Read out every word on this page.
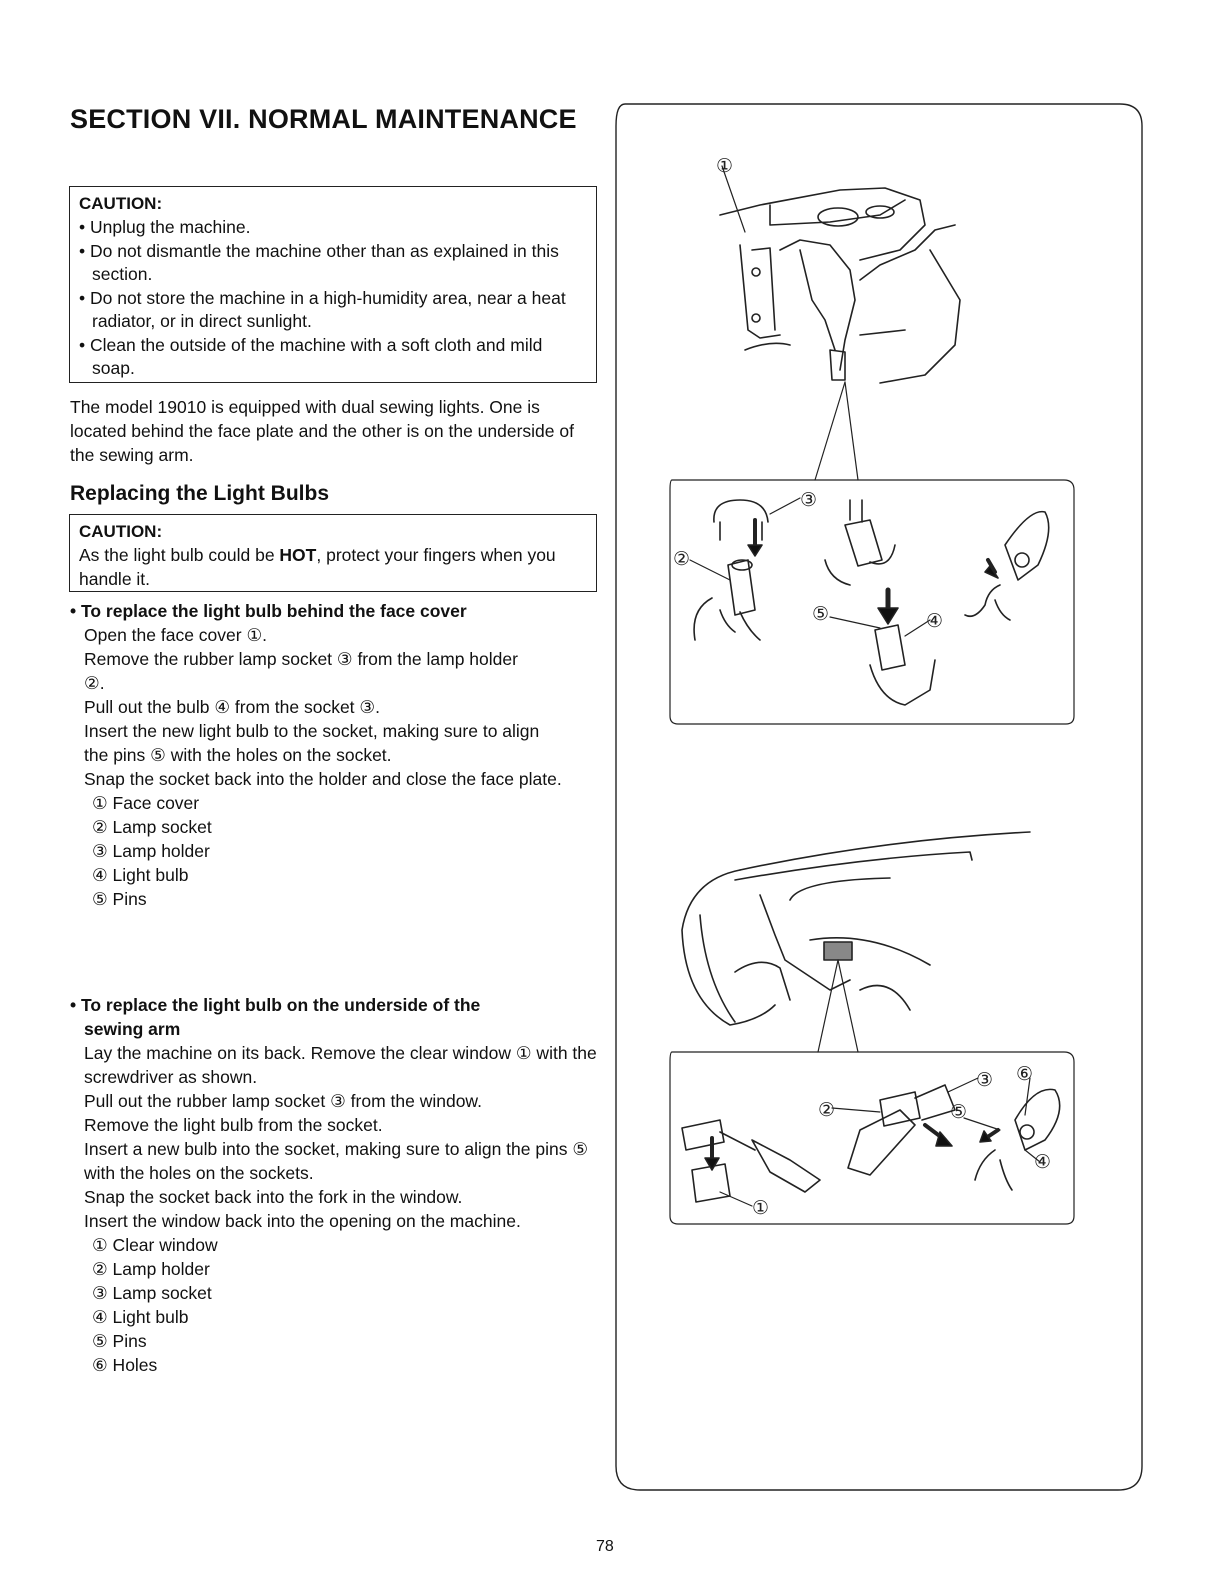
SECTION VII. NORMAL MAINTENANCE
CAUTION:
• Unplug the machine.
• Do not dismantle the machine other than as explained in this section.
• Do not store the machine in a high-humidity area, near a heat radiator, or in direct sunlight.
• Clean the outside of the machine with a soft cloth and mild soap.
The model 19010 is equipped with dual sewing lights. One is located behind the face plate and the other is on the underside of the sewing arm.
Replacing the Light Bulbs
CAUTION:
As the light bulb could be HOT, protect your fingers when you handle it.
• To replace the light bulb behind the face cover
Open the face cover ①.
Remove the rubber lamp socket ③ from the lamp holder ②.
Pull out the bulb ④ from the socket ③.
Insert the new light bulb to the socket, making sure to align the pins ⑤ with the holes on the socket.
Snap the socket back into the holder and close the face plate.
① Face cover
② Lamp socket
③ Lamp holder
④ Light bulb
⑤ Pins
• To replace the light bulb on the underside of the
sewing arm
Lay the machine on its back. Remove the clear window ① with the screwdriver as shown.
Pull out the rubber lamp socket ③ from the window.
Remove the light bulb from the socket.
Insert a new bulb into the socket, making sure to align the pins ⑤ with the holes on the sockets.
Snap the socket back into the fork in the window.
Insert the window back into the opening on the machine.
① Clear window
② Lamp holder
③ Lamp socket
④ Light bulb
⑤ Pins
⑥ Holes
①
②
③
④
⑤
①
②
③
④
⑤
⑥
78
